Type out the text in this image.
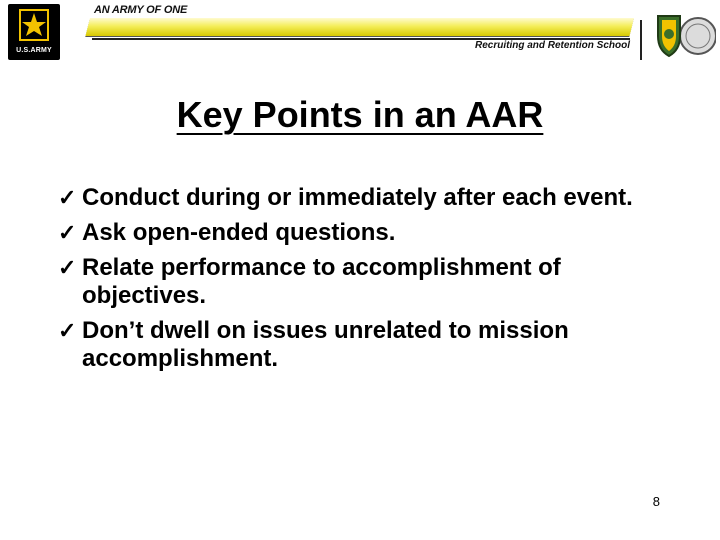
U.S.ARMY
AN ARMY OF ONE
Recruiting and Retention School
Key Points in an AAR
✓ Conduct during or immediately after each event.
✓ Ask open-ended questions.
✓ Relate performance to accomplishment of objectives.
✓ Don’t dwell on issues unrelated to mission accomplishment.
8
